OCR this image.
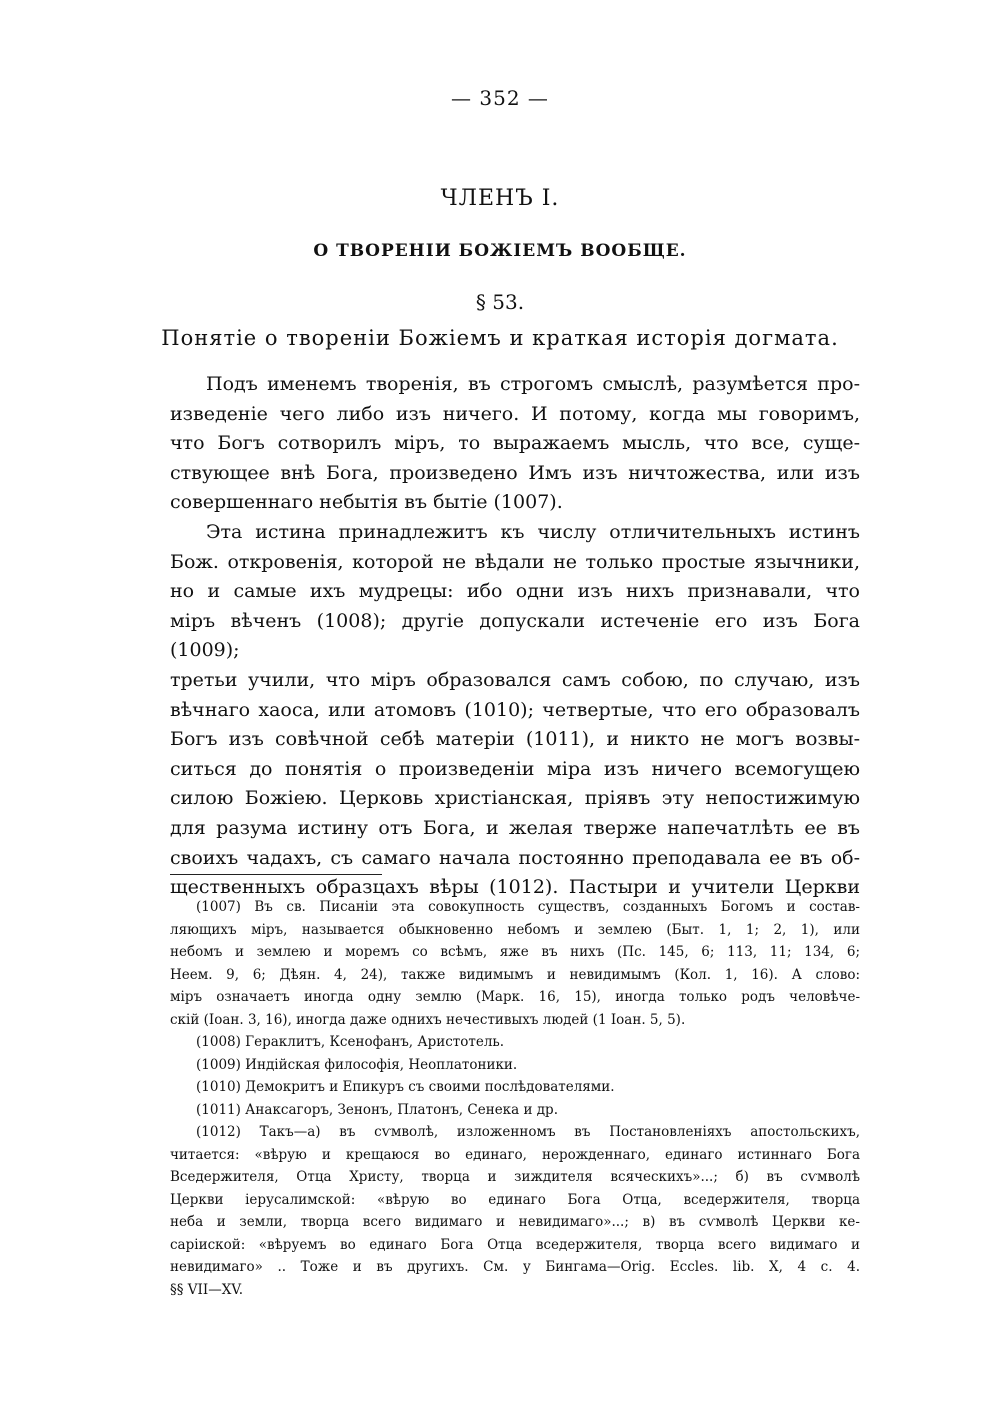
— 352 —
ЧЛЕНЪ I.
О ТВОРЕНІИ БОЖІЕМЪ ВООБЩЕ.
§ 53.
Понятіе о твореніи Божіемъ и краткая исторія догмата.

Подъ именемъ творенія, въ строгомъ смыслѣ, разумѣется про-
изведеніе чего либо изъ ничего. И потому, когда мы говоримъ,
что Богъ сотворилъ міръ, то выражаемъ мысль, что все, суще-
ствующее внѣ Бога, произведено Имъ изъ ничтожества, или изъ
совершеннаго небытія въ бытіе (1007).

Эта истина принадлежитъ къ числу отличительныхъ истинъ
Бож. откровенія, которой не вѣдали не только простые язычники,
но и самые ихъ мудрецы: ибо одни изъ нихъ признавали, что
міръ вѣченъ (1008); другіе допускали истеченіе его изъ Бога (1009);
третьи учили, что міръ образовался самъ собою, по случаю, изъ
вѣчнаго хаоса, или атомовъ (1010); четвертые, что его образовалъ
Богъ изъ совѣчной себѣ матеріи (1011), и никто не могъ возвы-
ситься до понятія о произведеніи міра изъ ничего всемогущею
силою Божіею. Церковь христіанская, пріявъ эту непостижимую
для разума истину отъ Бога, и желая тверже напечатлѣть ее въ
своихъ чадахъ, съ самаго начала постоянно преподавала ее въ об-
щественныхъ образцахъ вѣры (1012). Пастыри и учители Церкви

(1007) Въ св. Писаніи эта совокупность существъ, созданныхъ Богомъ и состав-
ляющихъ міръ, называется обыкновенно небомъ и землею (Быт. 1, 1; 2, 1), или
небомъ и землею и моремъ со всѣмъ, яже въ нихъ (Пс. 145, 6; 113, 11; 134, 6;
Неем. 9, 6; Дѣян. 4, 24), также видимымъ и невидимымъ (Кол. 1, 16). А слово:
міръ означаетъ иногда одну землю (Марк. 16, 15), иногда только родъ человѣче-
скій (Іоан. 3, 16), иногда даже однихъ нечестивыхъ людей (1 Іоан. 5, 5).

(1008) Гераклитъ, Ксенофанъ, Аристотель.

(1009) Индійская философія, Неоплатоники.

(1010) Демокритъ и Епикуръ съ своими послѣдователями.

(1011) Анаксагоръ, Зенонъ, Платонъ, Сенека и др.

(1012) Такъ—а) въ сѵмволѣ, изложенномъ въ Постановленіяхъ апостольскихъ,
читается: «вѣрую и крещаюся во единаго, нерожденнаго, единаго истиннаго Бога
Вседержителя, Отца Христу, творца и зиждителя всяческихъ»...; б) въ сѵмволѣ
Церкви іерусалимской: «вѣрую во единаго Бога Отца, вседержителя, творца
неба и земли, творца всего видимаго и невидимаго»...; в) въ сѵмволѣ Церкви ке-
саріиской: «вѣруемъ во единаго Бога Отца вседержителя, творца всего видимаго и
невидимаго» .. Тоже и въ другихъ. См. у Бингама—Orig. Eccles. lib. X, 4 c. 4.
§§ VII—XV.
